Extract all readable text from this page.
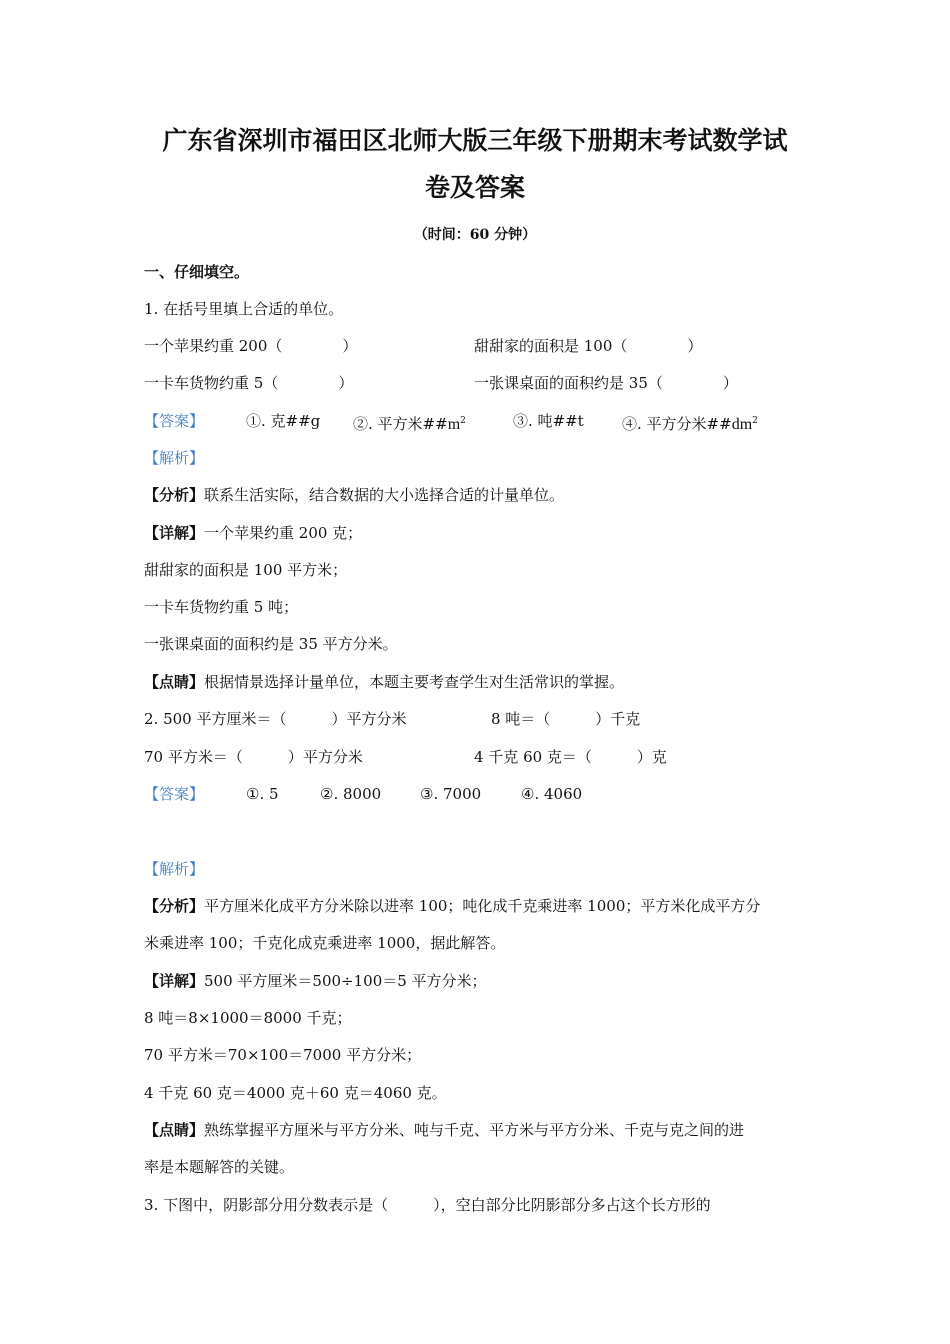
广东省深圳市福田区北师大版三年级下册期末考试数学试
卷及答案
（时间：60 分钟）
一、仔细填空。
1. 在括号里填上合适的单位。
一个苹果约重 200（　　　　）	甜甜家的面积是 100（　　　　）
一卡车货物约重 5（　　　　）	一张课桌面的面积约是 35（　　　　）
【答案】	①. 克##g ②. 平方米$\#\#m^2$	③. 吨##t	④. 平方分米$\#\#dm^2$
【解析】
【分析】联系生活实际，结合数据的大小选择合适的计量单位。
【详解】一个苹果约重 200 克；
甜甜家的面积是 100 平方米；
一卡车货物约重 5 吨；
一张课桌面的面积约是 35 平方分米。
【点睛】根据情景选择计量单位，本题主要考查学生对生活常识的掌握。
2. 500 平方厘米＝（　　　）平方分米	8 吨＝（　　　）千克
70 平方米＝（　　　）平方分米	4 千克 60 克＝（　　　）克
【答案】	①. 5	②. 8000	③. 7000	④. 4060
【解析】
【分析】平方厘米化成平方分米除以进率 100；吨化成千克乘进率 1000；平方米化成平方分
米乘进率 100；千克化成克乘进率 1000，据此解答。
【详解】500 平方厘米＝500÷100＝5 平方分米；
8 吨＝8×1000＝8000 千克；
70 平方米＝70×100＝7000 平方分米；
4 千克 60 克＝4000 克＋60 克＝4060 克。
【点睛】熟练掌握平方厘米与平方分米、吨与千克、平方米与平方分米、千克与克之间的进
率是本题解答的关键。
3. 下图中，阴影部分用分数表示是（　　　），空白部分比阴影部分多占这个长方形的
